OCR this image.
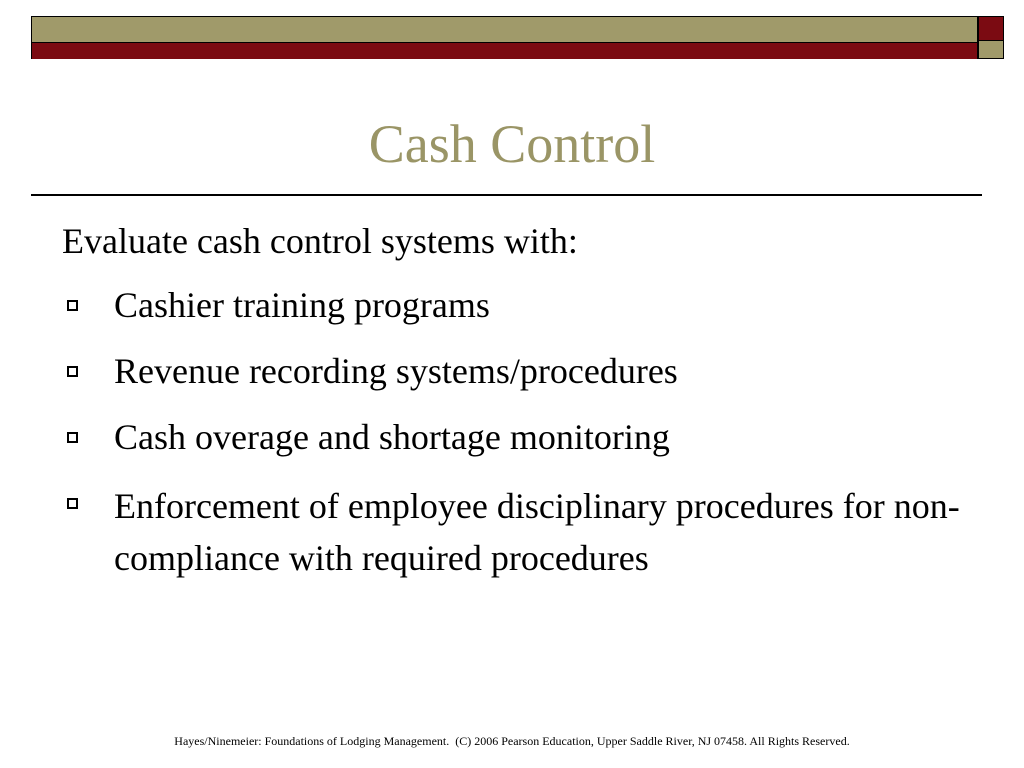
Cash Control
Evaluate cash control systems with:
Cashier training programs
Revenue recording systems/procedures
Cash overage and shortage monitoring
Enforcement of employee disciplinary procedures for non-compliance with required procedures
Hayes/Ninemeier: Foundations of Lodging Management.  (C) 2006 Pearson Education, Upper Saddle River, NJ 07458. All Rights Reserved.
